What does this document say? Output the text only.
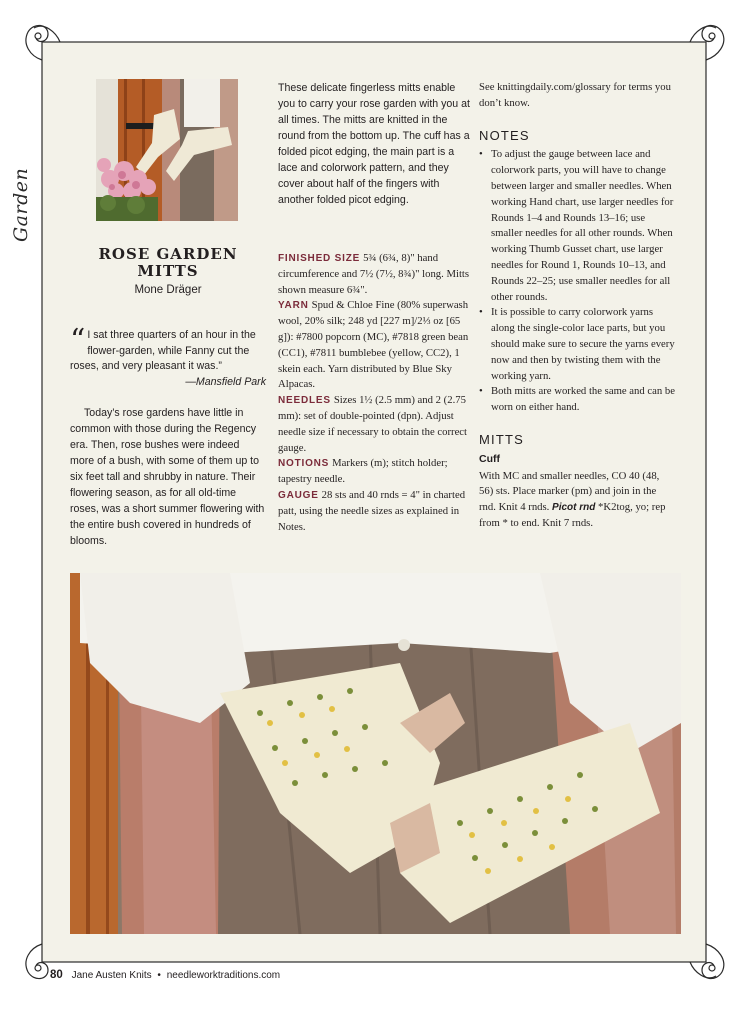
Garden
ROSE GARDEN MITTS
Mone Dräger
“ I sat three quarters of an hour in the flower-garden, while Fanny cut the roses, and very pleasant it was.”
—Mansfield Park

Today’s rose gardens have little in common with those during the Regency era. Then, rose bushes were indeed more of a bush, with some of them up to six feet tall and shrubby in nature. Their flowering season, as for all old-time roses, was a short summer flowering with the entire bush covered in hundreds of blooms.

These delicate fingerless mitts enable you to carry your rose garden with you at all times. The mitts are knitted in the round from the bottom up. The cuff has a folded picot edging, the main part is a lace and colorwork pattern, and they cover about half of the fingers with another folded picot edging.

FINISHED SIZE 5¾ (6¾, 8)" hand circumference and 7½ (7½, 8¾)" long. Mitts shown measure 6¾".

YARN Spud & Chloe Fine (80% superwash wool, 20% silk; 248 yd [227 m]/2⅓ oz [65 g]): #7800 popcorn (MC), #7818 green bean (CC1), #7811 bumblebee (yellow, CC2), 1 skein each. Yarn distributed by Blue Sky Alpacas.

NEEDLES Sizes 1½ (2.5 mm) and 2 (2.75 mm): set of double-pointed (dpn). Adjust needle size if necessary to obtain the correct gauge.

NOTIONS Markers (m); stitch holder; tapestry needle.

GAUGE 28 sts and 40 rnds = 4" in charted patt, using the needle sizes as explained in Notes.

See knittingdaily.com/glossary for terms you don’t know.

NOTES
• To adjust the gauge between lace and colorwork parts, you will have to change between larger and smaller needles. When working Hand chart, use larger needles for Rounds 1–4 and Rounds 13–16; use smaller needles for all other rounds. When working Thumb Gusset chart, use larger needles for Round 1, Rounds 10–13, and Rounds 22–25; use smaller needles for all other rounds.
• It is possible to carry colorwork yarns along the single-color lace parts, but you should make sure to secure the yarns every now and then by twisting them with the working yarn.
• Both mitts are worked the same and can be worn on either hand.
MITTS
Cuff

With MC and smaller needles, CO 40 (48, 56) sts. Place marker (pm) and join in the rnd. Knit 4 rnds. Picot rnd *K2tog, yo; rep from * to end. Knit 7 rnds.

80 Jane Austen Knits • needleworktraditions.com
